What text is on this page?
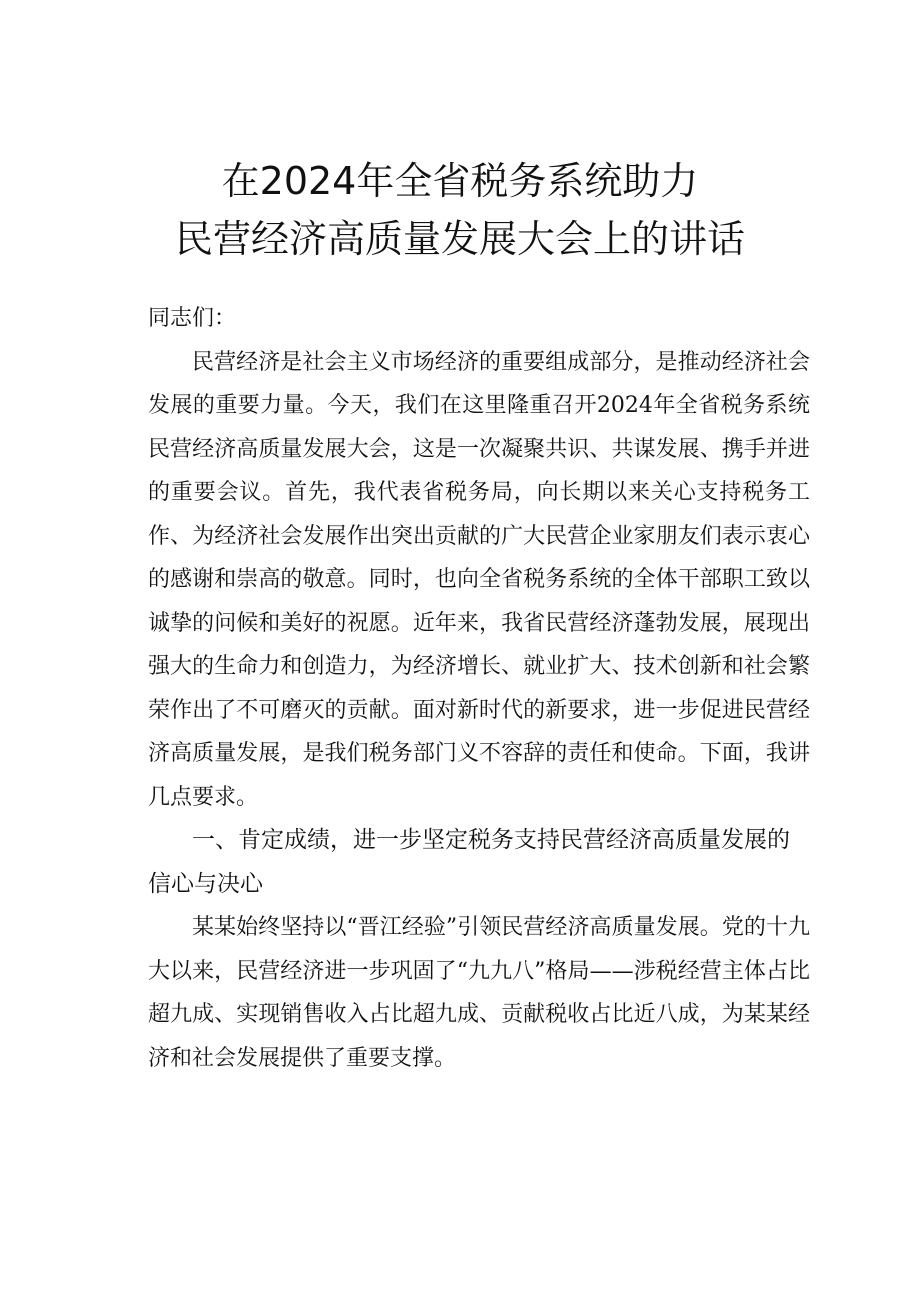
在2024年全省税务系统助力
民营经济高质量发展大会上的讲话

同志们：

民营经济是社会主义市场经济的重要组成部分，是推动经济社会发展的重要力量。今天，我们在这里隆重召开2024年全省税务系统民营经济高质量发展大会，这是一次凝聚共识、共谋发展、携手并进的重要会议。首先，我代表省税务局，向长期以来关心支持税务工作、为经济社会发展作出突出贡献的广大民营企业家朋友们表示衷心的感谢和崇高的敬意。同时，也向全省税务系统的全体干部职工致以诚挚的问候和美好的祝愿。近年来，我省民营经济蓬勃发展，展现出强大的生命力和创造力，为经济增长、就业扩大、技术创新和社会繁荣作出了不可磨灭的贡献。面对新时代的新要求，进一步促进民营经济高质量发展，是我们税务部门义不容辞的责任和使命。下面，我讲几点要求。

一、肯定成绩，进一步坚定税务支持民营经济高质量发展的信心与决心

某某始终坚持以“晋江经验”引领民营经济高质量发展。党的十九大以来，民营经济进一步巩固了“九九八”格局——涉税经营主体占比超九成、实现销售收入占比超九成、贡献税收占比近八成，为某某经济和社会发展提供了重要支撑。
